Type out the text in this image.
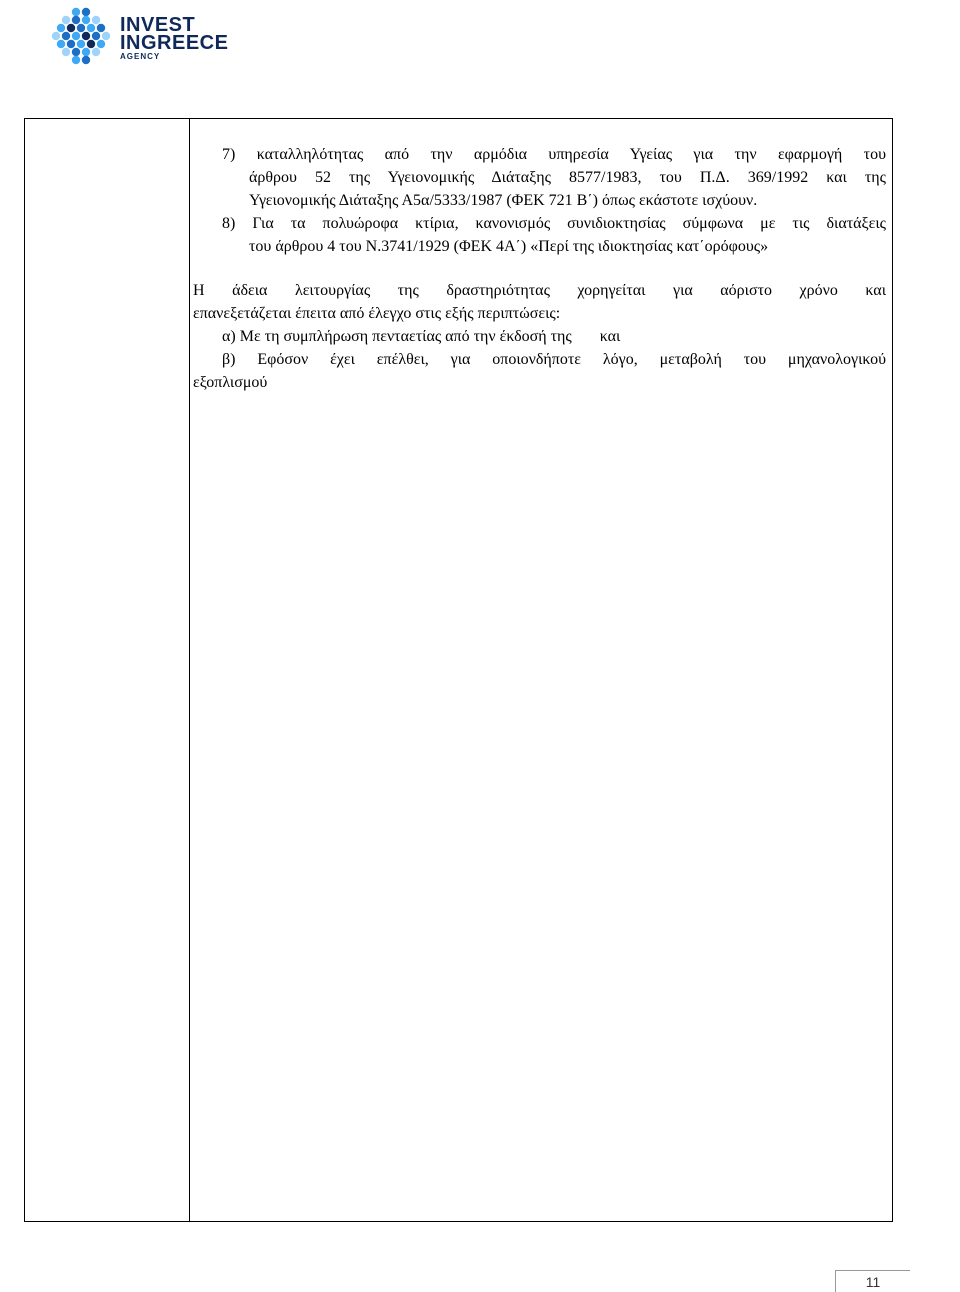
INVEST
INGREECE
AGENCY
7) καταλληλότητας από την αρμόδια υπηρεσία Υγείας για την εφαρμογή του
άρθρου 52 της Υγειονομικής Διάταξης 8577/1983, του Π.Δ. 369/1992 και της
Υγειονομικής Διάταξης Α5α/5333/1987 (ΦΕΚ 721 Β΄) όπως εκάστοτε ισχύουν.
8) Για τα πολυώροφα κτίρια, κανονισμός συνιδιοκτησίας σύμφωνα με τις διατάξεις
του άρθρου 4 του Ν.3741/1929 (ΦΕΚ 4Α΄) «Περί της ιδιοκτησίας κατ΄ορόφους»
Η άδεια λειτουργίας της δραστηριότητας χορηγείται για αόριστο χρόνο και
επανεξετάζεται έπειτα από έλεγχο στις εξής περιπτώσεις:
α) Με τη συμπλήρωση πενταετίας από την έκδοσή της       και
β) Εφόσον έχει επέλθει, για οποιονδήποτε λόγο, μεταβολή του μηχανολογικού
εξοπλισμού
11
